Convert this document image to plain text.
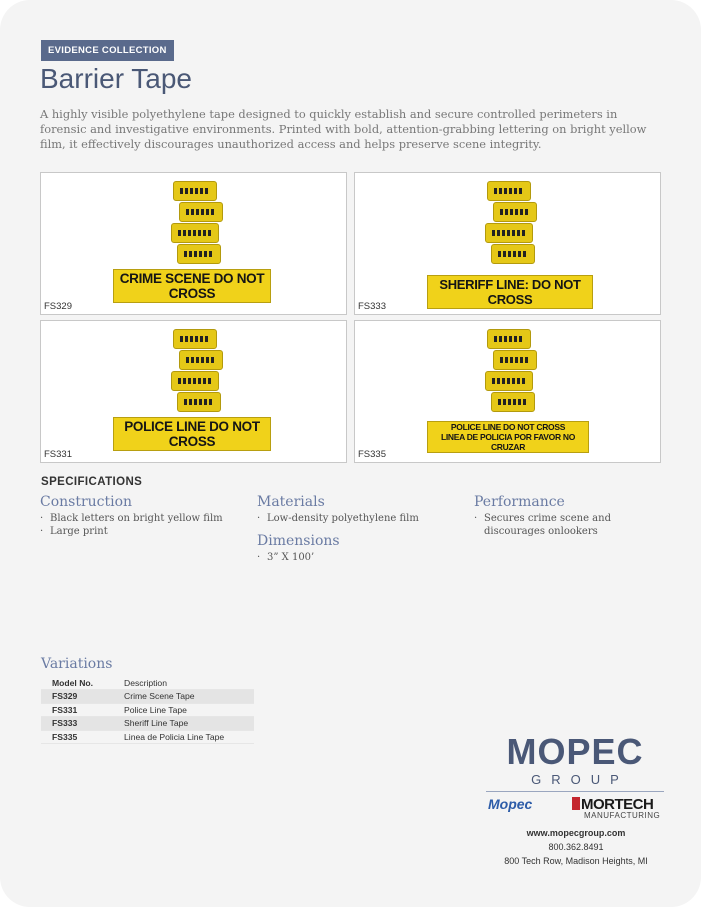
EVIDENCE COLLECTION
Barrier Tape
A highly visible polyethylene tape designed to quickly establish and secure controlled perimeters in forensic and investigative environments. Printed with bold, attention-grabbing lettering on bright yellow film, it effectively discourages unauthorized access and helps preserve scene integrity.
CRIME SCENE DO NOT CROSS
FS329
SHERIFF LINE: DO NOT CROSS
FS333
POLICE LINE DO NOT CROSS
FS331
POLICE LINE DO NOT CROSS
LINEA DE POLICIA POR FAVOR NO CRUZAR
FS335
SPECIFICATIONS
Construction
· Black letters on bright yellow film
· Large print
Materials
· Low-density polyethylene film
Dimensions
· 3” X 100’
Performance
· Secures crime scene and discourages onlookers
Variations
Model No.	Description
FS329	Crime Scene Tape
FS331	Police Line Tape
FS333	Sheriff Line Tape
FS335	Linea de Policia Line Tape	MOPEC
GROUP
Mopec	MORTECH
MANUFACTURING
www.mopecgroup.com
800.362.8491
800 Tech Row, Madison Heights, MI
